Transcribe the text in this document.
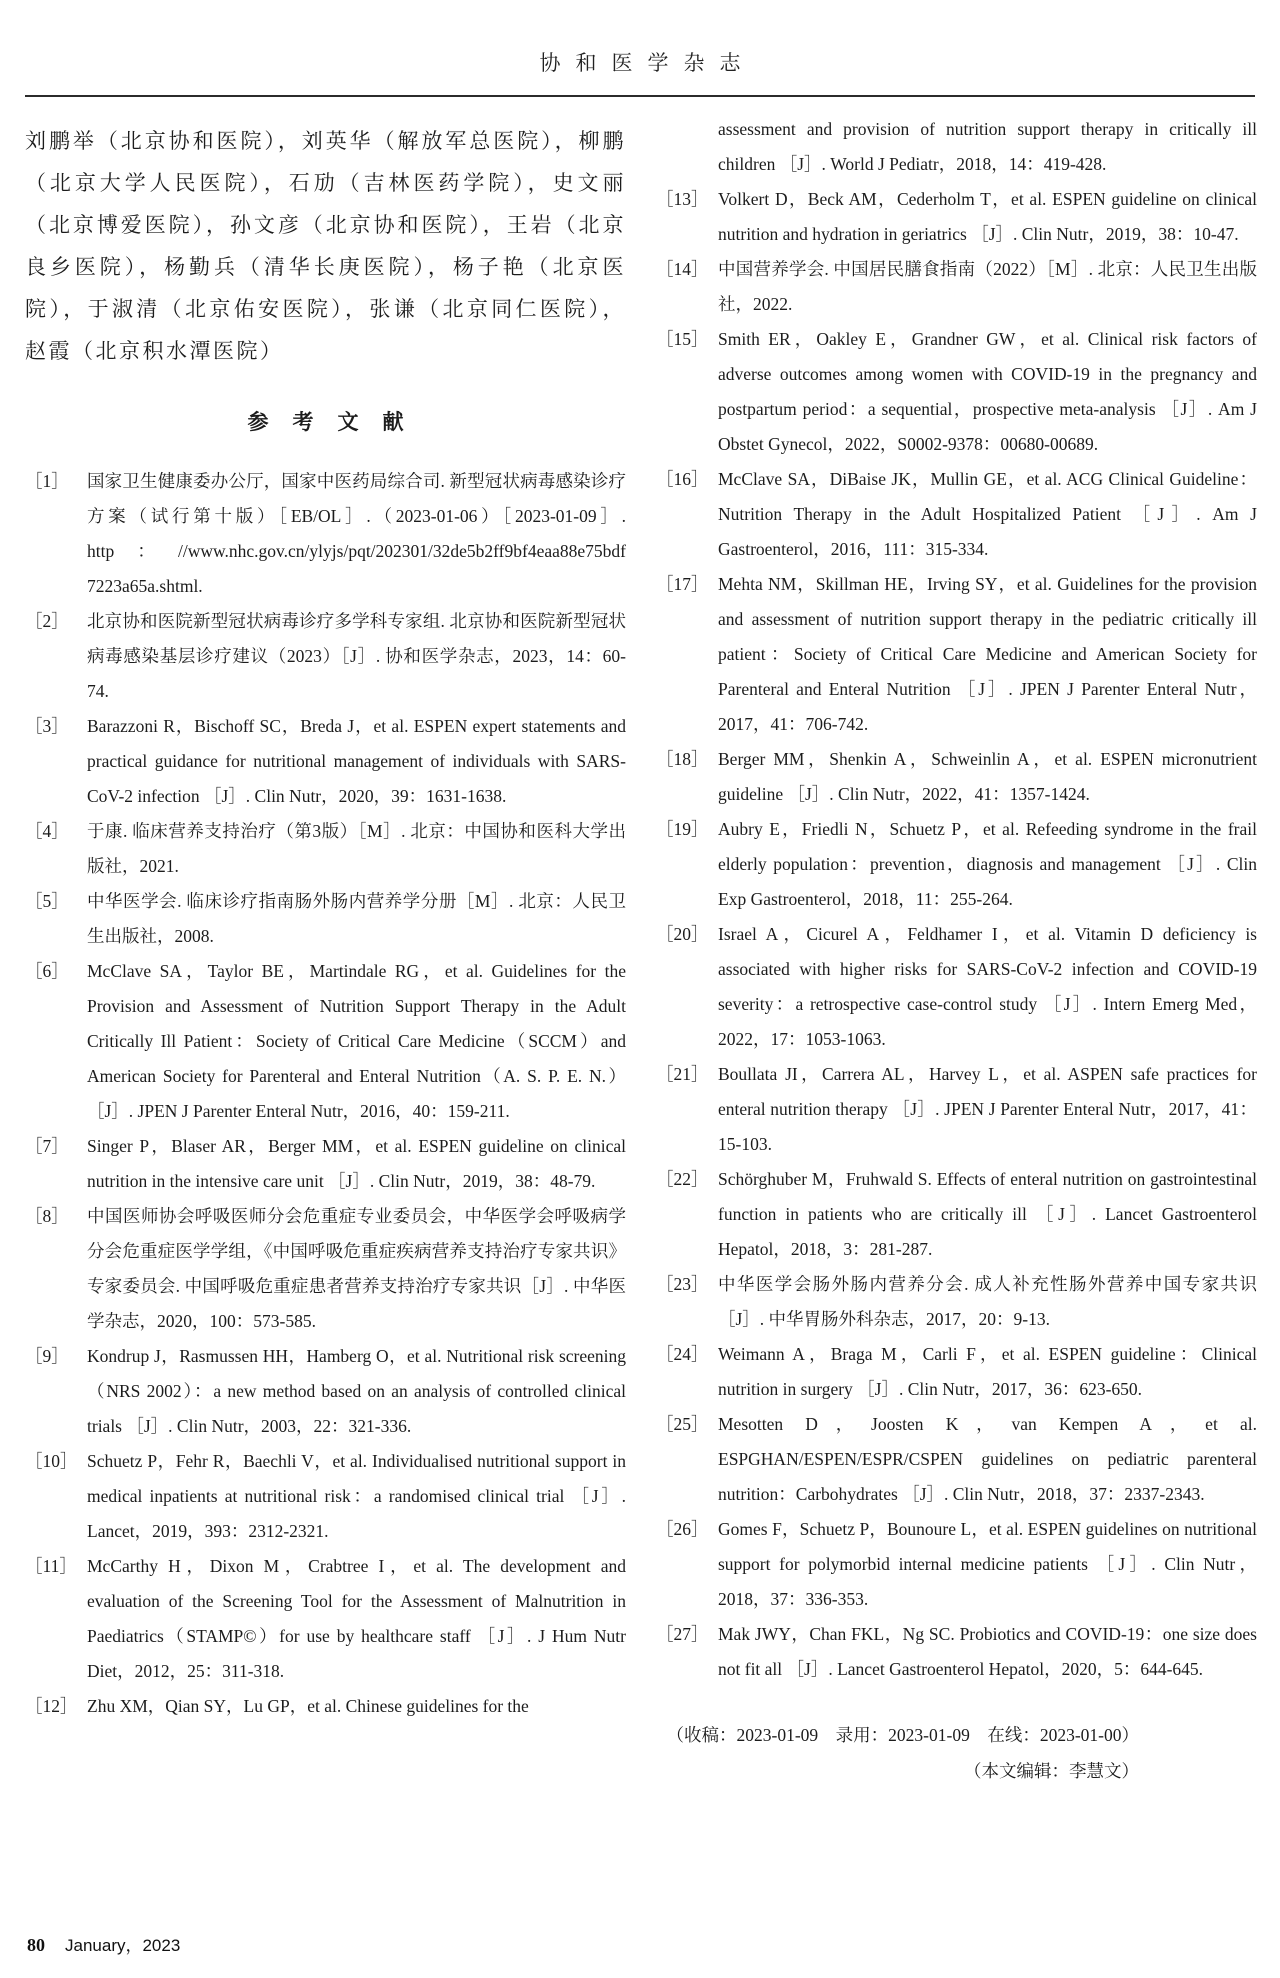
协和医学杂志

刘鹏举（北京协和医院），刘英华（解放军总医院），柳鹏（北京大学人民医院），石劢（吉林医药学院），史文丽（北京博爱医院），孙文彦（北京协和医院），王岩（北京良乡医院），杨勤兵（清华长庚医院），杨子艳（北京医院），于淑清（北京佑安医院），张谦（北京同仁医院），赵霞（北京积水潭医院）

参考文献
［1］	国家卫生健康委办公厅，国家中医药局综合司. 新型冠状病毒感染诊疗方案（试行第十版）［EB/OL］.（2023-01-06）［2023-01-09］. http：//www.nhc.gov.cn/ylyjs/pqt/202301/32de5b2ff9bf4eaa88e75bdf 7223a65a.shtml.
［2］	北京协和医院新型冠状病毒诊疗多学科专家组. 北京协和医院新型冠状病毒感染基层诊疗建议（2023）［J］. 协和医学杂志，2023，14：60-74.
［3］	Barazzoni R，Bischoff SC，Breda J，et al. ESPEN expert statements and practical guidance for nutritional management of individuals with SARS-CoV-2 infection ［J］. Clin Nutr，2020，39：1631-1638.
［4］	于康. 临床营养支持治疗（第3版）［M］. 北京：中国协和医科大学出版社，2021.
［5］	中华医学会. 临床诊疗指南肠外肠内营养学分册［M］. 北京：人民卫生出版社，2008.
［6］	McClave SA，Taylor BE，Martindale RG，et al. Guidelines for the Provision and Assessment of Nutrition Support Therapy in the Adult Critically Ill Patient：Society of Critical Care Medicine（SCCM）and American Society for Parenteral and Enteral Nutrition（A. S. P. E. N.）［J］. JPEN J Parenter Enteral Nutr，2016，40：159-211.
［7］	Singer P，Blaser AR，Berger MM，et al. ESPEN guideline on clinical nutrition in the intensive care unit ［J］. Clin Nutr，2019，38：48-79.
［8］	中国医师协会呼吸医师分会危重症专业委员会，中华医学会呼吸病学分会危重症医学学组，《中国呼吸危重症疾病营养支持治疗专家共识》专家委员会. 中国呼吸危重症患者营养支持治疗专家共识［J］. 中华医学杂志，2020，100：573-585.
［9］	Kondrup J，Rasmussen HH，Hamberg O，et al. Nutritional risk screening（NRS 2002）：a new method based on an analysis of controlled clinical trials ［J］. Clin Nutr，2003，22：321-336.
［10］ Schuetz P，Fehr R，Baechli V，et al. Individualised nutritional support in medical inpatients at nutritional risk：a randomised clinical trial ［J］. Lancet，2019，393：2312-2321.
［11］ McCarthy H，Dixon M，Crabtree I，et al. The development and evaluation of the Screening Tool for the Assessment of Malnutrition in Paediatrics（STAMP©）for use by healthcare staff ［J］. J Hum Nutr Diet，2012，25：311-318.
［12］ Zhu XM，Qian SY，Lu GP，et al. Chinese guidelines for the
assessment and provision of nutrition support therapy in critically ill children ［J］. World J Pediatr，2018，14：419-428.
［13］ Volkert D，Beck AM，Cederholm T，et al. ESPEN guideline on clinical nutrition and hydration in geriatrics ［J］. Clin Nutr，2019，38：10-47.
［14］ 中国营养学会. 中国居民膳食指南（2022）［M］. 北京：人民卫生出版社，2022.
［15］ Smith ER，Oakley E，Grandner GW，et al. Clinical risk factors of adverse outcomes among women with COVID-19 in the pregnancy and postpartum period：a sequential，prospective meta-analysis ［J］. Am J Obstet Gynecol，2022，S0002-9378：00680-00689.
［16］ McClave SA，DiBaise JK，Mullin GE，et al. ACG Clinical Guideline：Nutrition Therapy in the Adult Hospitalized Patient ［J］. Am J Gastroenterol，2016，111：315-334.
［17］ Mehta NM，Skillman HE，Irving SY，et al. Guidelines for the provision and assessment of nutrition support therapy in the pediatric critically ill patient：Society of Critical Care Medicine and American Society for Parenteral and Enteral Nutrition ［J］. JPEN J Parenter Enteral Nutr，2017，41：706-742.
［18］ Berger MM，Shenkin A，Schweinlin A，et al. ESPEN micronutrient guideline ［J］. Clin Nutr，2022，41：1357-1424.
［19］ Aubry E，Friedli N，Schuetz P，et al. Refeeding syndrome in the frail elderly population：prevention，diagnosis and management ［J］. Clin Exp Gastroenterol，2018，11：255-264.
［20］ Israel A，Cicurel A，Feldhamer I，et al. Vitamin D deficiency is associated with higher risks for SARS-CoV-2 infection and COVID-19 severity：a retrospective case-control study ［J］. Intern Emerg Med，2022，17：1053-1063.
［21］ Boullata JI，Carrera AL，Harvey L，et al. ASPEN safe practices for enteral nutrition therapy ［J］. JPEN J Parenter Enteral Nutr，2017，41：15-103.
［22］ Schörghuber M，Fruhwald S. Effects of enteral nutrition on gastrointestinal function in patients who are critically ill ［J］. Lancet Gastroenterol Hepatol，2018，3：281-287.
［23］ 中华医学会肠外肠内营养分会. 成人补充性肠外营养中国专家共识［J］. 中华胃肠外科杂志，2017，20：9-13.
［24］ Weimann A，Braga M，Carli F，et al. ESPEN guideline：Clinical nutrition in surgery ［J］. Clin Nutr，2017，36：623-650.
［25］ Mesotten D，Joosten K，van Kempen A，et al. ESPGHAN/ESPEN/ESPR/CSPEN guidelines on pediatric parenteral nutrition：Carbohydrates ［J］. Clin Nutr，2018，37：2337-2343.
［26］ Gomes F，Schuetz P，Bounoure L，et al. ESPEN guidelines on nutritional support for polymorbid internal medicine patients ［J］. Clin Nutr，2018，37：336-353.
［27］ Mak JWY，Chan FKL，Ng SC. Probiotics and COVID-19：one size does not fit all ［J］. Lancet Gastroenterol Hepatol，2020，5：644-645.
（收稿：2023-01-09　录用：2023-01-09　在线：2023-01-00）
（本文编辑：李慧文）
80 January，2023
